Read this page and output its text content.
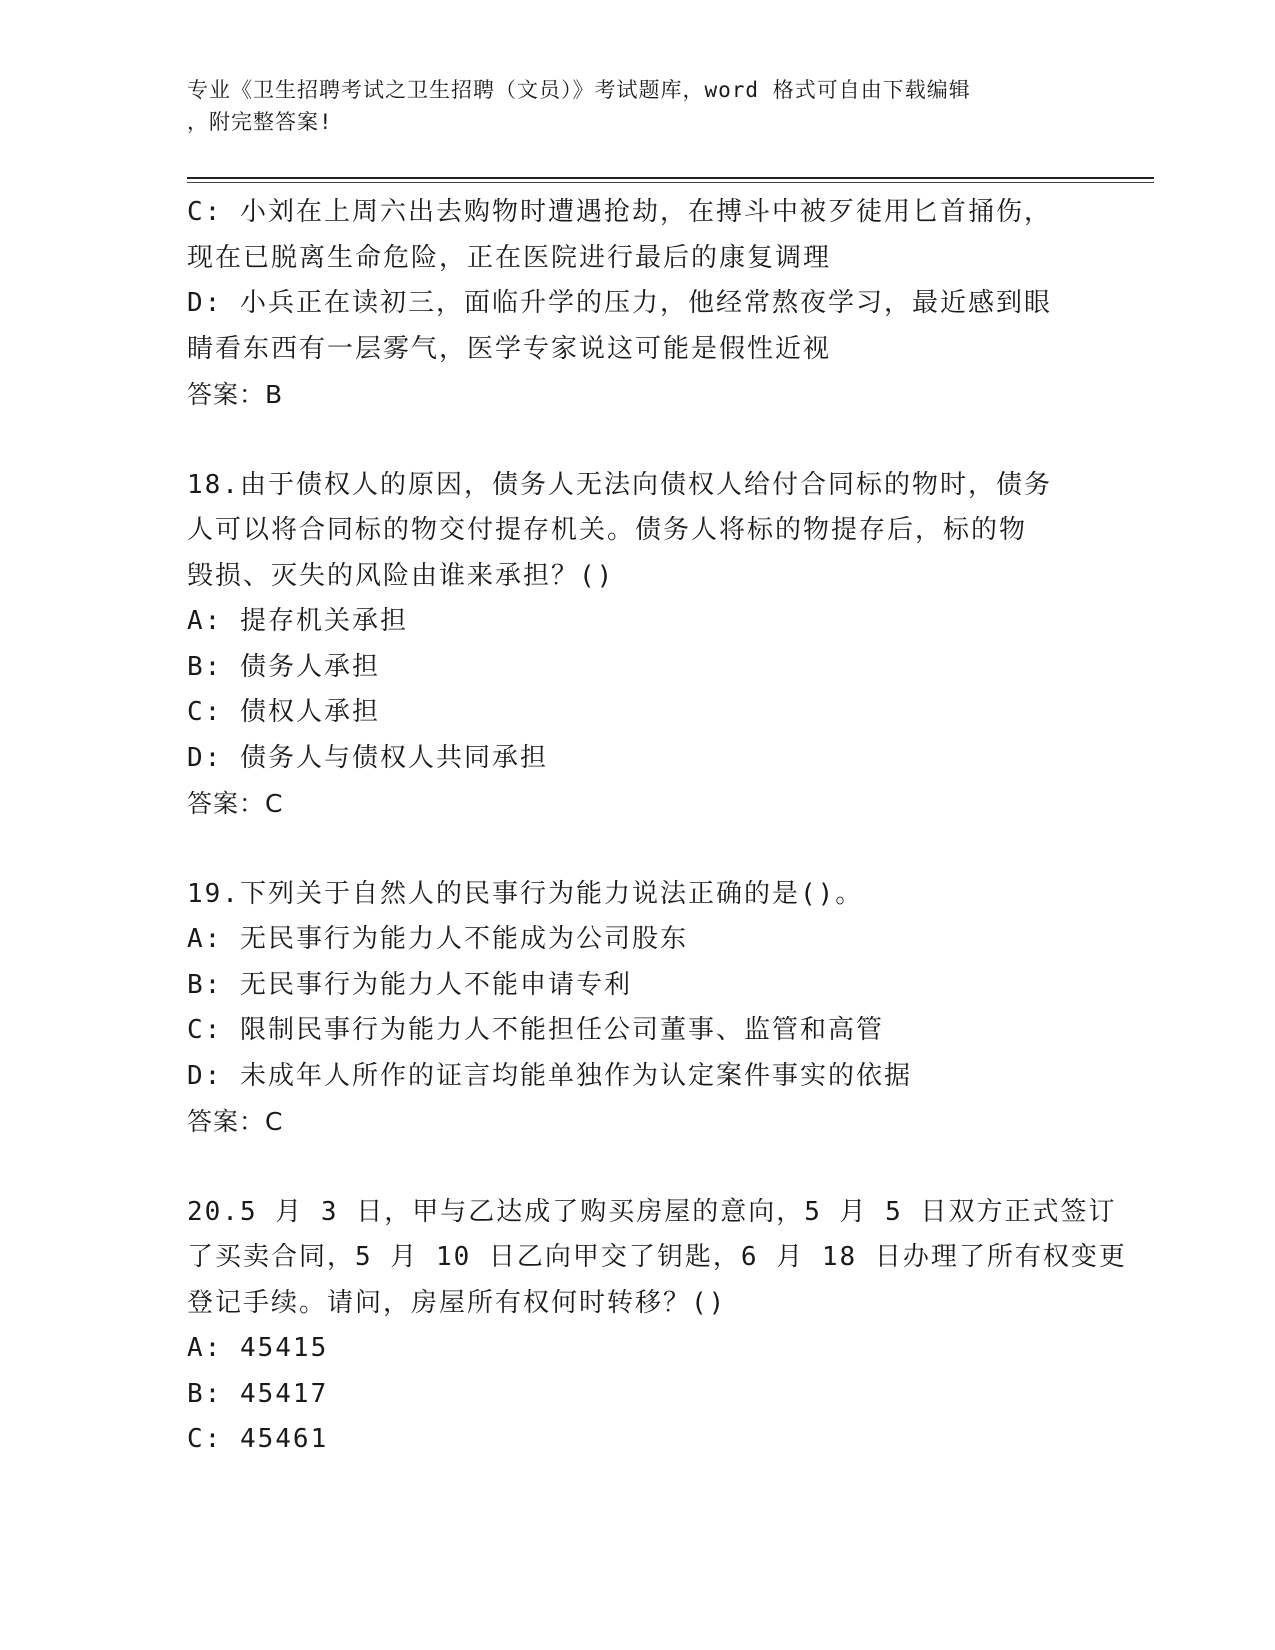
专业《卫生招聘考试之卫生招聘（文员）》考试题库，word 格式可自由下载编辑
，附完整答案!
C: 小刘在上周六出去购物时遭遇抢劫，在搏斗中被歹徒用匕首捅伤，
现在已脱离生命危险，正在医院进行最后的康复调理
D: 小兵正在读初三，面临升学的压力，他经常熬夜学习，最近感到眼
睛看东西有一层雾气，医学专家说这可能是假性近视
答案：B
18.由于债权人的原因，债务人无法向债权人给付合同标的物时，债务
人可以将合同标的物交付提存机关。债务人将标的物提存后，标的物
毁损、灭失的风险由谁来承担？()
A: 提存机关承担
B: 债务人承担
C: 债权人承担
D: 债务人与债权人共同承担
答案：C
19.下列关于自然人的民事行为能力说法正确的是()。
A: 无民事行为能力人不能成为公司股东
B: 无民事行为能力人不能申请专利
C: 限制民事行为能力人不能担任公司董事、监管和高管
D: 未成年人所作的证言均能单独作为认定案件事实的依据
答案：C
20.5 月 3 日，甲与乙达成了购买房屋的意向，5 月 5 日双方正式签订
了买卖合同，5 月 10 日乙向甲交了钥匙，6 月 18 日办理了所有权变更
登记手续。请问，房屋所有权何时转移？()
A: 45415
B: 45417
C: 45461
